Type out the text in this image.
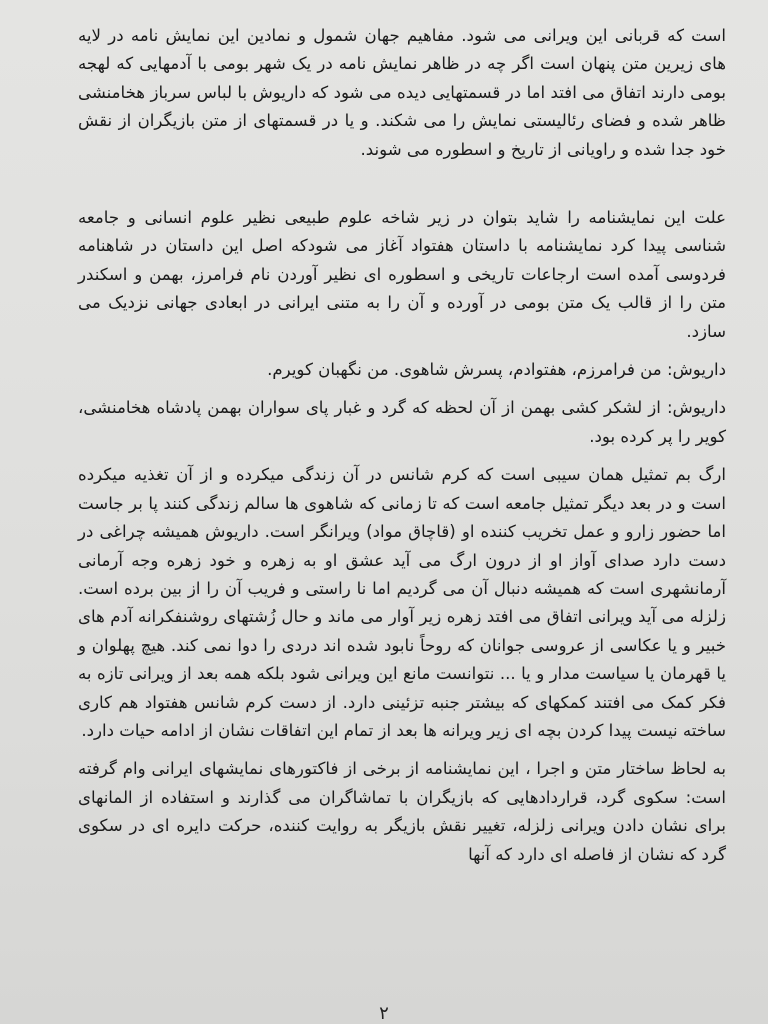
است که قربانی این ویرانی می شود. مفاهیم جهان شمول و نمادین این نمایش نامه در لایه های زیرین متن پنهان است اگر چه در ظاهر نمایش نامه در یک شهر بومی با آدمهایی که لهجه بومی دارند اتفاق می افتد اما در قسمتهایی دیده می شود که داریوش با لباس سرباز هخامنشی ظاهر شده و فضای رئالیستی نمایش را می شکند. و یا در قسمتهای از متن بازیگران از نقش خود جدا شده و راویانی از تاریخ و اسطوره می شوند.

علت این نمایشنامه را شاید بتوان در زیر شاخه علوم طبیعی نظیر علوم انسانی و جامعه شناسی پیدا کرد نمایشنامه با داستان هفتواد آغاز می شودکه اصل این داستان در شاهنامه فردوسی آمده است ارجاعات تاریخی و اسطوره ای نظیر آوردن نام فرامرز، بهمن و اسکندر متن را از قالب یک متن بومی در آورده و آن را به متنی ایرانی در ابعادی جهانی نزدیک می سازد.

داریوش: من فرامرزم، هفتوادم، پسرش شاهوی. من نگهبان کویرم.

داریوش: از لشکر کشی بهمن از آن لحظه که گرد و غبار پای سواران بهمن پادشاه هخامنشی، کویر را پر کرده بود.

ارگ بم تمثیل همان سیبی است که کرم شانس در آن زندگی میکرده و از آن تغذیه میکرده است و در بعد دیگر تمثیل جامعه است که تا زمانی که شاهوی ها سالم زندگی کنند پا بر جاست اما حضور زارو و عمل تخریب کننده او (قاچاق مواد) ویرانگر است. داریوش همیشه چراغی در دست دارد صدای آواز او از درون ارگ می آید عشق او به زهره و خود زهره وجه آرمانی آرمانشهری است که همیشه دنبال آن می گردیم اما نا راستی و فریب آن را از بین برده است. زلزله می آید ویرانی اتفاق می افتد زهره زیر آوار می ماند و حال زُشتهای روشنفکرانه آدم های خبیر و یا عکاسی از عروسی جوانان که روحاً نابود شده اند دردی را دوا نمی کند. هیچ پهلوان و یا قهرمان یا سیاست مدار و یا ... نتوانست مانع این ویرانی شود بلکه همه بعد از ویرانی تازه به فکر کمک می افتند کمکهای که بیشتر جنبه تزئینی دارد. از دست کرم شانس هفتواد هم کاری ساخته نیست پیدا کردن بچه ای زیر ویرانه ها بعد از تمام این اتفاقات نشان از ادامه حیات دارد.

به لحاظ ساختار متن و اجرا ، این نمایشنامه از برخی از فاکتورهای نمایشهای ایرانی وام گرفته است: سکوی گرد، قراردادهایی که بازیگران با تماشاگران می گذارند و استفاده از المانهای برای نشان دادن ویرانی زلزله، تغییر نقش بازیگر به روایت کننده، حرکت دایره ای در سکوی گرد که نشان از فاصله ای دارد که آنها

۲
